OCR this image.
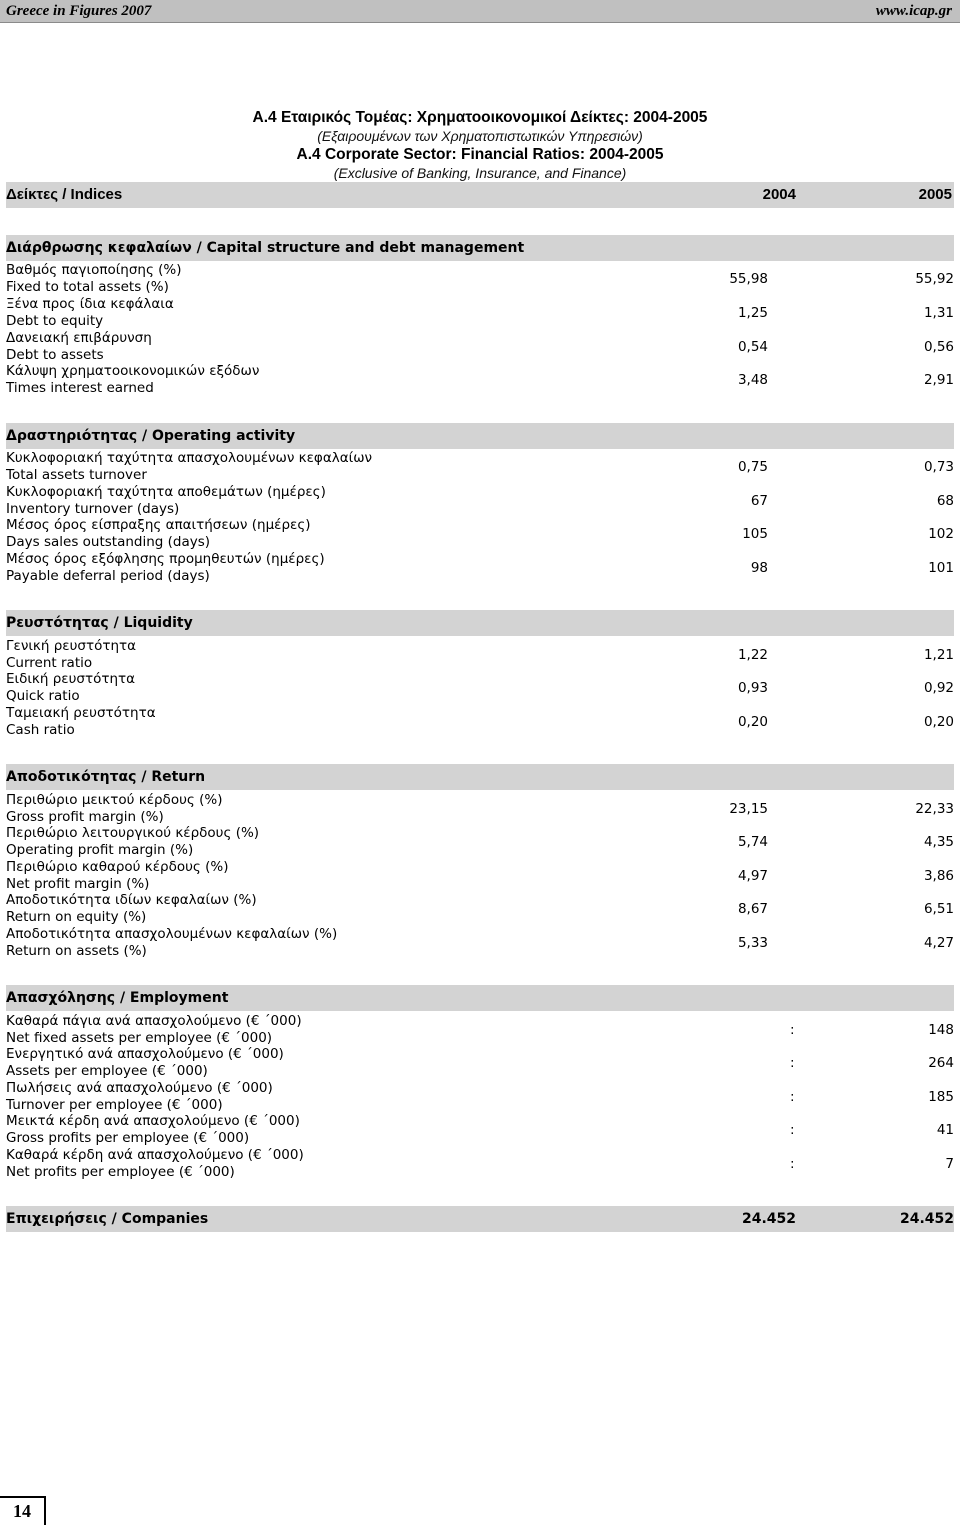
Greece in Figures 2007	www.icap.gr
Α.4 Εταιρικός Τομέας: Χρηματοοικονομικοί Δείκτες: 2004-2005
(Εξαιρουμένων των Χρηματοπιστωτικών Υπηρεσιών)
A.4 Corporate Sector: Financial Ratios: 2004-2005
(Exclusive of Banking, Insurance, and Finance)
Δείκτες / Indices	2004	2005
Διάρθρωσης κεφαλαίων / Capital structure and debt management
Βαθμός παγιοποίησης (%)
Fixed to total assets (%)	55,98	55,92
Ξένα προς ίδια κεφάλαια
Debt to equity	1,25	1,31
Δανειακή επιβάρυνση
Debt to assets	0,54	0,56
Κάλυψη χρηματοοικονομικών εξόδων
Times interest earned	3,48	2,91
Δραστηριότητας / Operating activity
Κυκλοφοριακή ταχύτητα απασχολουμένων κεφαλαίων
Total assets turnover	0,75	0,73
Κυκλοφοριακή ταχύτητα αποθεμάτων (ημέρες)
Inventory turnover (days)	67	68
Μέσος όρος είσπραξης απαιτήσεων (ημέρες)
Days sales outstanding (days)	105	102
Μέσος όρος εξόφλησης προμηθευτών (ημέρες)
Payable deferral period (days)	98	101
Ρευστότητας / Liquidity
Γενική ρευστότητα
Current ratio	1,22	1,21
Ειδική ρευστότητα
Quick ratio	0,93	0,92
Ταμειακή ρευστότητα
Cash ratio	0,20	0,20
Αποδοτικότητας / Return
Περιθώριο μεικτού κέρδους (%)
Gross profit margin (%)	23,15	22,33
Περιθώριο λειτουργικού κέρδους (%)
Operating profit margin (%)	5,74	4,35
Περιθώριο καθαρού κέρδους (%)
Net profit margin (%)	4,97	3,86
Αποδοτικότητα ιδίων κεφαλαίων (%)
Return on equity (%)	8,67	6,51
Αποδοτικότητα απασχολουμένων κεφαλαίων (%)
Return on assets (%)	5,33	4,27
Απασχόλησης / Employment
Καθαρά πάγια ανά απασχολούμενο (€ ΄000)
Net fixed assets per employee (€ ΄000)	:	148
Ενεργητικό ανά απασχολούμενο (€ ΄000)
Assets per employee (€ ΄000)	:	264
Πωλήσεις ανά απασχολούμενο (€ ΄000)
Turnover per employee (€ ΄000)	:	185
Μεικτά κέρδη ανά απασχολούμενο (€ ΄000)
Gross profits per employee (€ ΄000)	:	41
Καθαρά κέρδη ανά απασχολούμενο (€ ΄000)
Net profits per employee (€ ΄000)	:	7
Επιχειρήσεις / Companies	24.452	24.452
14
